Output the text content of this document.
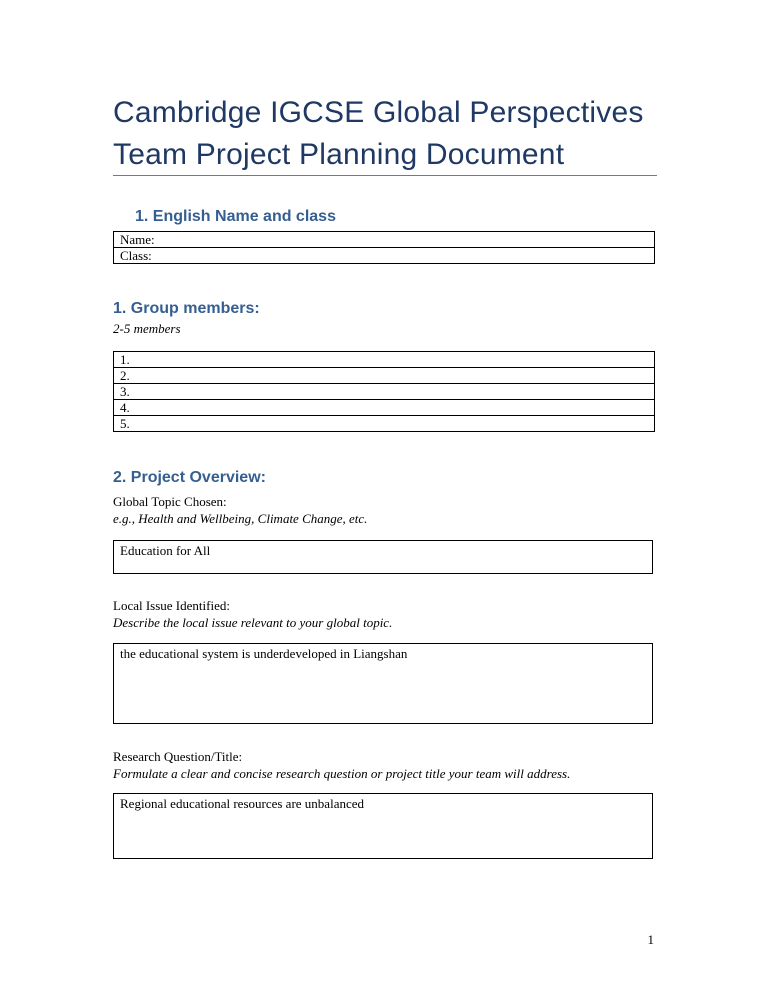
Cambridge IGCSE Global Perspectives
Team Project Planning Document
1. English Name and class
Name:
Class:
1. Group members:
2-5 members
1.
2.
3.
4.
5.
2. Project Overview:
Global Topic Chosen:
e.g., Health and Wellbeing, Climate Change, etc.
Education for All
Local Issue Identified:
Describe the local issue relevant to your global topic.
the educational system is underdeveloped in Liangshan
Research Question/Title:
Formulate a clear and concise research question or project title your team will address.
Regional educational resources are unbalanced
1
